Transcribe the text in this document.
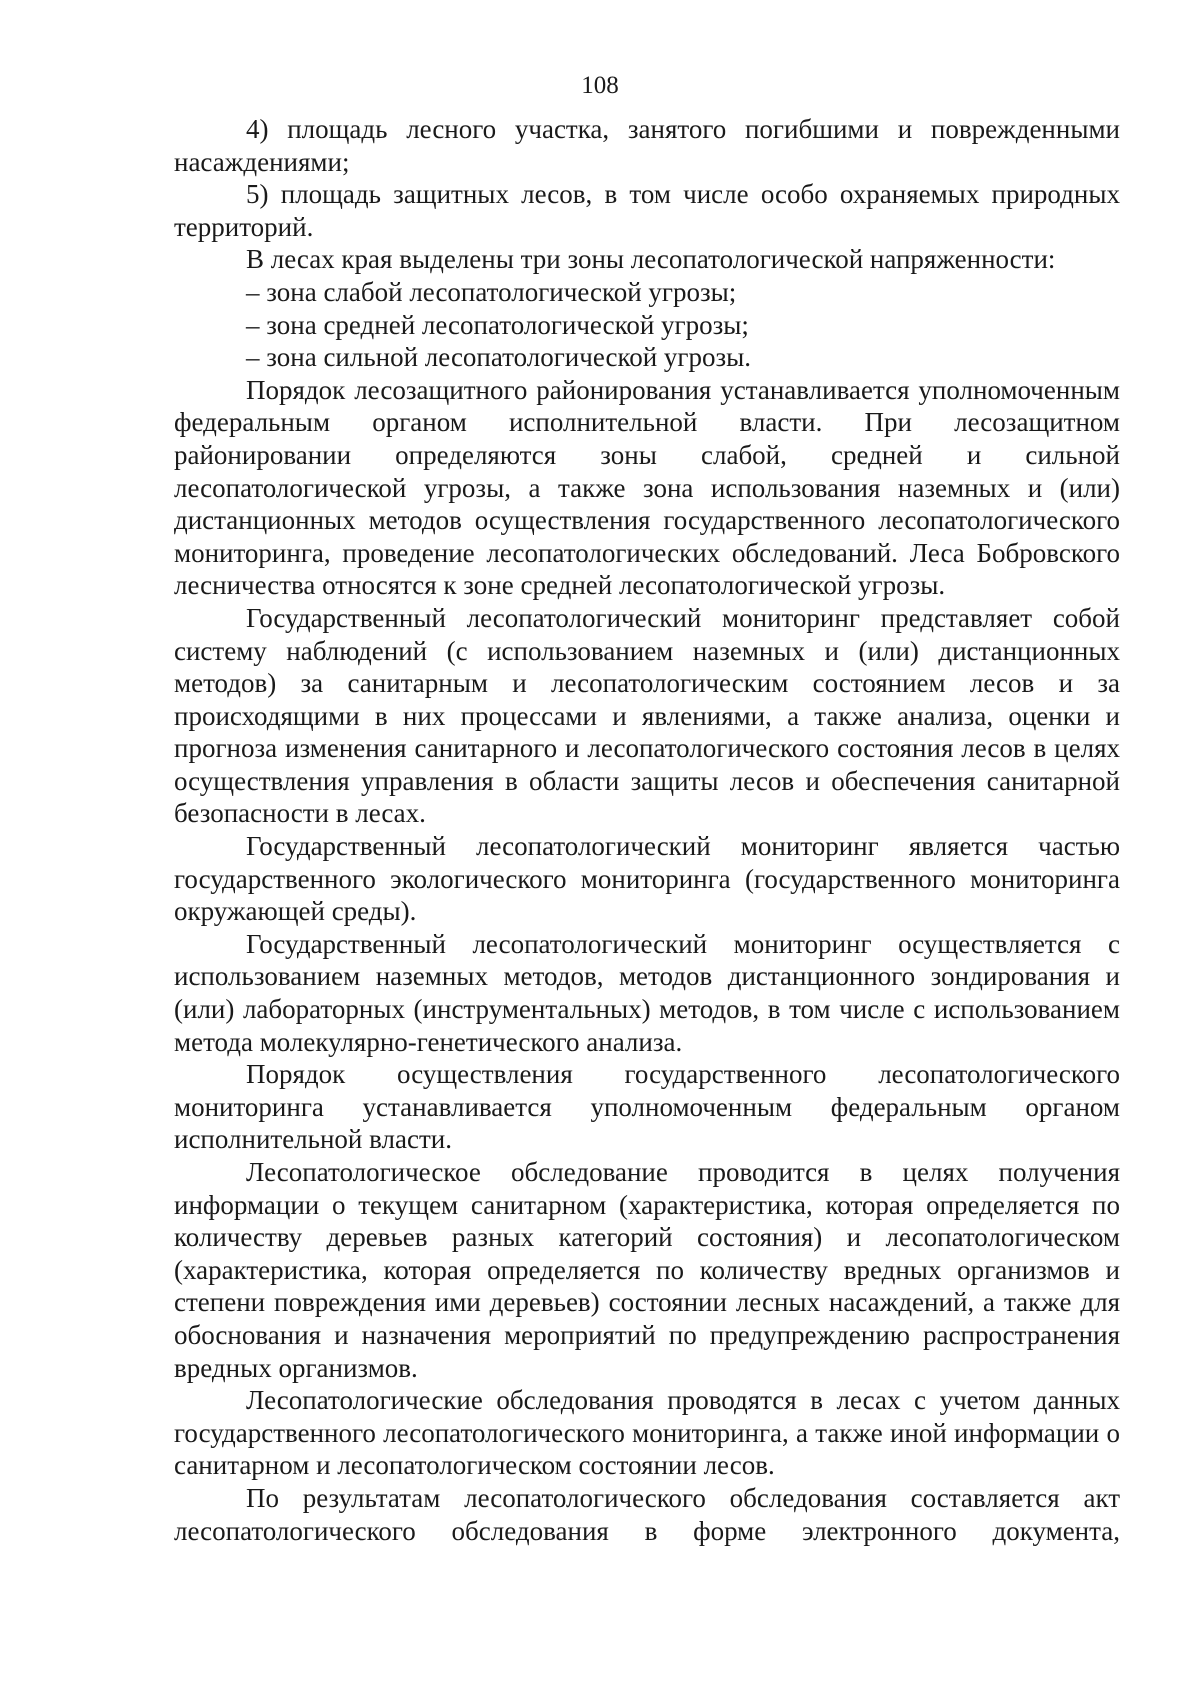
108

4) площадь лесного участка, занятого погибшими и поврежденными насаждениями;

5) площадь защитных лесов, в том числе особо охраняемых природных территорий.

В лесах края выделены три зоны лесопатологической напряженности:

– зона слабой лесопатологической угрозы;

– зона средней лесопатологической угрозы;

– зона сильной лесопатологической угрозы.

Порядок лесозащитного районирования устанавливается уполномоченным федеральным органом исполнительной власти. При лесозащитном районировании определяются зоны слабой, средней и сильной лесопатологической угрозы, а также зона использования наземных и (или) дистанционных методов осуществления государственного лесопатологического мониторинга, проведение лесопатологических обследований. Леса Бобровского лесничества относятся к зоне средней лесопатологической угрозы.

Государственный лесопатологический мониторинг представляет собой систему наблюдений (с использованием наземных и (или) дистанционных методов) за санитарным и лесопатологическим состоянием лесов и за происходящими в них процессами и явлениями, а также анализа, оценки и прогноза изменения санитарного и лесопатологического состояния лесов в целях осуществления управления в области защиты лесов и обеспечения санитарной безопасности в лесах.

Государственный лесопатологический мониторинг является частью государственного экологического мониторинга (государственного мониторинга окружающей среды).

Государственный лесопатологический мониторинг осуществляется с использованием наземных методов, методов дистанционного зондирования и (или) лабораторных (инструментальных) методов, в том числе с использованием метода молекулярно-генетического анализа.

Порядок осуществления государственного лесопатологического мониторинга устанавливается уполномоченным федеральным органом исполнительной власти.

Лесопатологическое обследование проводится в целях получения информации о текущем санитарном (характеристика, которая определяется по количеству деревьев разных категорий состояния) и лесопатологическом (характеристика, которая определяется по количеству вредных организмов и степени повреждения ими деревьев) состоянии лесных насаждений, а также для обоснования и назначения мероприятий по предупреждению распространения вредных организмов.

Лесопатологические обследования проводятся в лесах с учетом данных государственного лесопатологического мониторинга, а также иной информации о санитарном и лесопатологическом состоянии лесов.

По результатам лесопатологического обследования составляется акт лесопатологического обследования в форме электронного документа,
